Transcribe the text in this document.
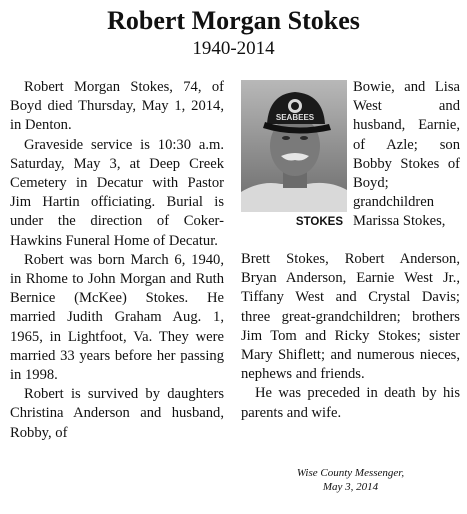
Robert Morgan Stokes
1940-2014

Robert Morgan Stokes, 74, of Boyd died Thursday, May 1, 2014, in Denton.

Graveside service is 10:30 a.m. Saturday, May 3, at Deep Creek Cemetery in Decatur with Pastor Jim Hartin officiating. Burial is under the direction of Coker-Hawkins Funeral Home of Decatur.

Robert was born March 6, 1940, in Rhome to John Morgan and Ruth Bernice (McKee) Stokes. He married Judith Graham Aug. 1, 1965, in Lightfoot, Va. They were married 33 years before her passing in 1998.

Robert is survived by daughters Christina Anderson and husband, Robby, of

SEABEES
STOKES

Bowie, and Lisa West and husband, Earnie, of Azle; son Bobby Stokes of Boyd; grandchildren Marissa Stokes,

Brett Stokes, Robert Anderson, Bryan Anderson, Earnie West Jr., Tiffany West and Crystal Davis; three great-grandchildren; brothers Jim Tom and Ricky Stokes; sister Mary Shiflett; and numerous nieces, nephews and friends.

He was preceded in death by his parents and wife.

Wise County Messenger,
May 3, 2014
